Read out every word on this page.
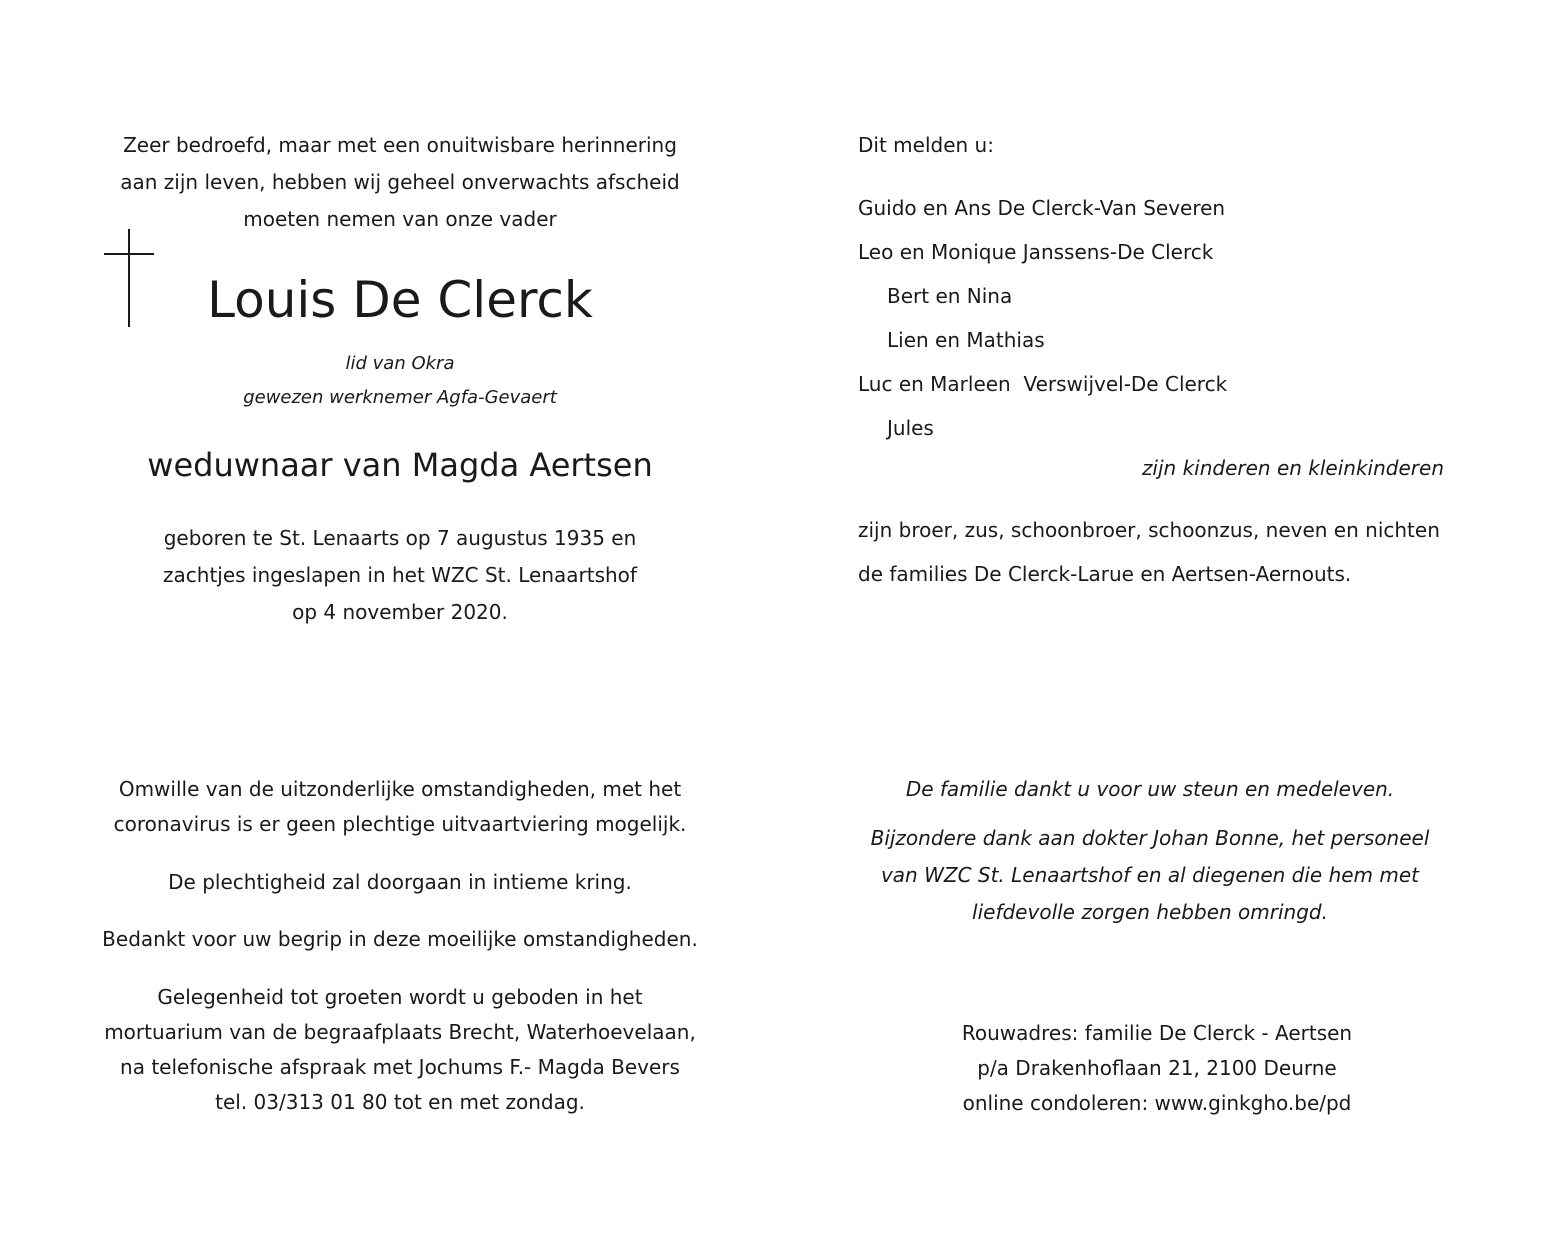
Zeer bedroefd, maar met een onuitwisbare herinnering
aan zijn leven, hebben wij geheel onverwachts afscheid
moeten nemen van onze vader
Louis De Clerck
lid van Okra
gewezen werknemer Agfa-Gevaert
weduwnaar van Magda Aertsen
geboren te St. Lenaarts op 7 augustus 1935 en
zachtjes ingeslapen in het WZC St. Lenaartshof
op 4 november 2020.
Dit melden u:
Guido en Ans De Clerck-Van Severen
Leo en Monique Janssens-De Clerck
Bert en Nina
Lien en Mathias
Luc en Marleen  Verswijvel-De Clerck
Jules
zijn kinderen en kleinkinderen
zijn broer, zus, schoonbroer, schoonzus, neven en nichten
de families De Clerck-Larue en Aertsen-Aernouts.
Omwille van de uitzonderlijke omstandigheden, met het
coronavirus is er geen plechtige uitvaartviering mogelijk.
De plechtigheid zal doorgaan in intieme kring.
Bedankt voor uw begrip in deze moeilijke omstandigheden.
Gelegenheid tot groeten wordt u geboden in het
mortuarium van de begraafplaats Brecht, Waterhoevelaan,
na telefonische afspraak met Jochums F.- Magda Bevers
tel. 03/313 01 80 tot en met zondag.
De familie dankt u voor uw steun en medeleven.
Bijzondere dank aan dokter Johan Bonne, het personeel
van WZC St. Lenaartshof en al diegenen die hem met
liefdevolle zorgen hebben omringd.
Rouwadres: familie De Clerck - Aertsen
p/a Drakenhoflaan 21, 2100 Deurne
online condoleren: www.ginkgho.be/pd
